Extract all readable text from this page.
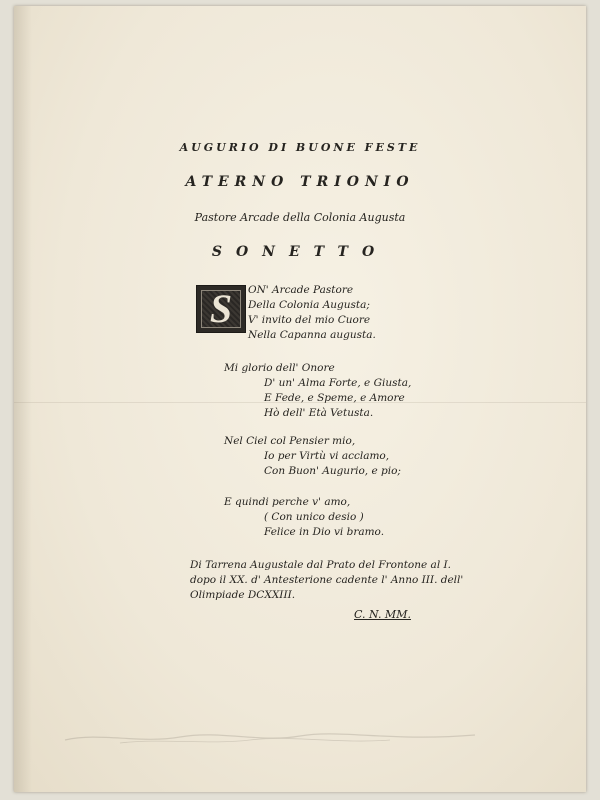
AUGURIO DI BUONE FESTE
ATERNO TRIONIO
Pastore Arcade della Colonia Augusta
SONETTO
S	ON' Arcade Pastore
Della Colonia Augusta;
V' invito del mio Cuore
Nella Capanna augusta.
Mi glorio dell' Onore
D' un' Alma Forte, e Giusta,
E Fede, e Speme, e Amore
Hò dell' Età Vetusta.
Nel Ciel col Pensier mio,
Io per Virtù vi acclamo,
Con Buon' Augurio, e pio;
E quindi perche v' amo,
( Con unico desio )
Felice in Dio vi bramo.
Di Tarrena Augustale dal Prato del Frontone al I.
dopo il XX. d' Antesterione cadente l' Anno III. dell'
Olimpiade DCXXIII.
C. N. MM.
